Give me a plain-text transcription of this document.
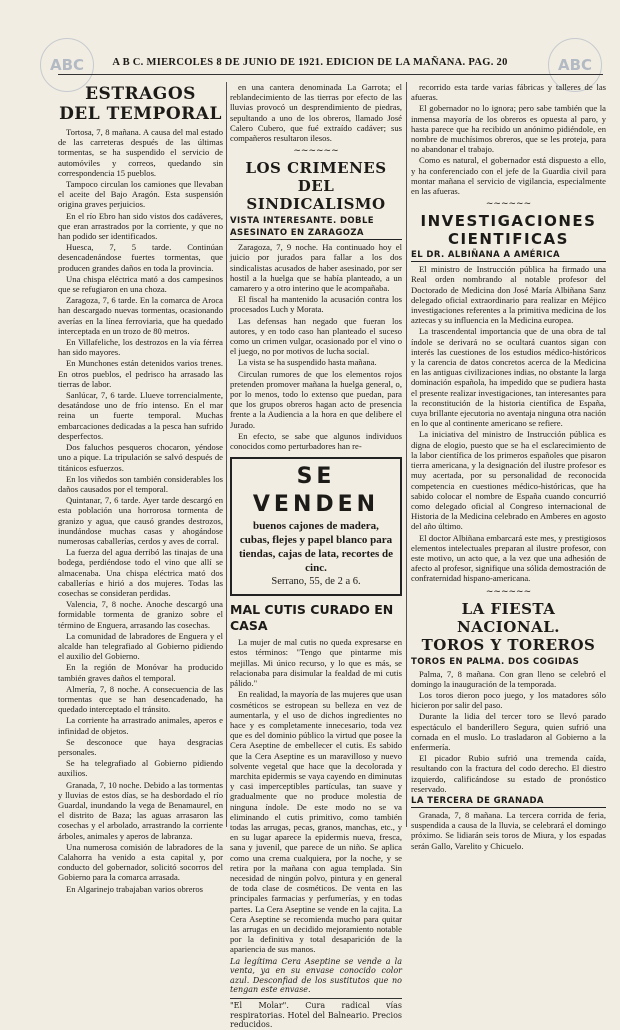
ABC	ABC
A B C. MIERCOLES 8 DE JUNIO DE 1921. EDICION DE LA MAÑANA. PAG. 20
ESTRAGOS
DEL TEMPORAL

Tortosa, 7, 8 mañana. A causa del mal estado de las carreteras después de las últimas tormentas, se ha suspendido el servicio de automóviles y correos, quedando sin correspondencia 15 pueblos.

Tampoco circulan los camiones que llevaban el aceite del Bajo Aragón. Esta suspensión origina graves perjuicios.

En el río Ebro han sido vistos dos cadáveres, que eran arrastrados por la corriente, y que no han podido ser identificados.

Huesca, 7, 5 tarde. Continúan desencadenándose fuertes tormentas, que producen grandes daños en toda la provincia.

Una chispa eléctrica mató a dos campesinos que se refugiaron en una choza.

Zaragoza, 7, 6 tarde. En la comarca de Aroca han descargado nuevas tormentas, ocasionando averías en la línea ferroviaria, que ha quedado interceptada en un trozo de 80 metros.

En Villafeliche, los destrozos en la vía férrea han sido mayores.

En Munchones están detenidos varios trenes. En otros pueblos, el pedrisco ha arrasado las tierras de labor.

Sanlúcar, 7, 6 tarde. Llueve torrencialmente, desatándose uno de frío intenso. En el mar reina un fuerte temporal. Muchas embarcaciones dedicadas a la pesca han sufrido desperfectos.

Dos faluchos pesqueros chocaron, yéndose uno a pique. La tripulación se salvó después de titánicos esfuerzos.

En los viñedos son también considerables los daños causados por el temporal.

Quintanar, 7, 6 tarde. Ayer tarde descargó en esta población una horrorosa tormenta de granizo y agua, que causó grandes destrozos, inundándose muchas casas y ahogándose numerosas caballerías, cerdos y aves de corral.

La fuerza del agua derribó las tinajas de una bodega, perdiéndose todo el vino que allí se almacenaba. Una chispa eléctrica mató dos caballerías e hirió a dos mujeres. Todas las cosechas se consideran perdidas.

Valencia, 7, 8 noche. Anoche descargó una formidable tormenta de granizo sobre el término de Enguera, arrasando las cosechas.

La comunidad de labradores de Enguera y el alcalde han telegrafiado al Gobierno pidiendo el auxilio del Gobierno.

En la región de Monóvar ha producido también graves daños el temporal.

Almería, 7, 8 noche. A consecuencia de las tormentas que se han desencadenado, ha quedado interceptado el tránsito.

La corriente ha arrastrado animales, aperos e infinidad de objetos.

Se desconoce que haya desgracias personales.

Se ha telegrafiado al Gobierno pidiendo auxilios.

Granada, 7, 10 noche. Debido a las tormentas y lluvias de estos días, se ha desbordado el río Guardal, inundando la vega de Benamaurel, en el distrito de Baza; las aguas arrasaron las cosechas y el arbolado, arrastrando la corriente árboles, animales y aperos de labranza.

Una numerosa comisión de labradores de la Calahorra ha venido a esta capital y, por conducto del gobernador, solicitó socorros del Gobierno para la comarca arrasada.

En Algarinejo trabajaban varios obreros

en una cantera denominada La Garrota; el reblandecimiento de las tierras por efecto de las lluvias provocó un desprendimiento de piedras, sepultando a uno de los obreros, llamado José Calero Cubero, que fué extraído cadáver; sus compañeros resultaron ilesos.

~~~~~~
LOS CRIMENES
DEL SINDICALISMO
VISTA INTERESANTE. DOBLE
ASESINATO EN ZARAGOZA

Zaragoza, 7, 9 noche. Ha continuado hoy el juicio por jurados para fallar a los dos sindicalistas acusados de haber asesinado, por ser hostil a la huelga que se había planteado, a un camarero y a otro interino que le acompañaba.

El fiscal ha mantenido la acusación contra los procesados Luch y Morata.

Las defensas han negado que fueran los autores, y en todo caso han planteado el suceso como un crimen vulgar, ocasionado por el vino o el juego, no por motivos de lucha social.

La vista se ha suspendido hasta mañana.

Circulan rumores de que los elementos rojos pretenden promover mañana la huelga general, o, por lo menos, todo lo extenso que puedan, para que los grupos obreros hagan acto de presencia frente a la Audiencia a la hora en que delibere el Jurado.

En efecto, se sabe que algunos individuos conocidos como perturbadores han re-

SE VENDEN
buenos cajones de madera, cubas, flejes y papel blanco para tiendas, cajas de lata, recortes de cinc.
Serrano, 55, de 2 a 6.
MAL CUTIS CURADO EN CASA

La mujer de mal cutis no queda expresarse en estos términos: "Tengo que pintarme mis mejillas. Mi único recurso, y lo que es más, se relacionaba para disimular la fealdad de mi cutis pálido."

En realidad, la mayoría de las mujeres que usan cosméticos se estropean su belleza en vez de aumentarla, y el uso de dichos ingredientes no hace y es completamente innecesario, toda vez que es del dominio público la virtud que posee la Cera Aseptine de embellecer el cutis. Es sabido que la Cera Aseptine es un maravilloso y nuevo solvente vegetal que hace que la decolorada y marchita epidermis se vaya cayendo en diminutas y casi imperceptibles partículas, tan suave y gradualmente que no produce molestia de ninguna índole. De este modo no se va eliminando el cutis primitivo, como también todas las arrugas, pecas, granos, manchas, etc., y en su lugar aparece la epidermis nueva, fresca, sana y juvenil, que parece de un niño. Se aplica como una crema cualquiera, por la noche, y se retira por la mañana con agua templada. Sin necesidad de ningún polvo, pintura y en general de toda clase de cosméticos. De venta en las principales farmacias y perfumerías, y en todas partes. La Cera Aseptine se vende en la cajita. La Cera Aseptine se recomienda mucho para quitar las arrugas en un decidido mejoramiento notable por la definitiva y total desaparición de la apariencia de sus manos.

La legítima Cera Aseptine se vende a la venta, ya en su envase conocido color azul. Desconfiad de los sustitutos que no tengan este envase.
"El Molar". Cura radical vías respiratorias. Hotel del Balneario. Precios reducidos.

recorrido esta tarde varias fábricas y talleres de las afueras.

El gobernador no lo ignora; pero sabe también que la inmensa mayoría de los obreros es opuesta al paro, y hasta parece que ha recibido un anónimo pidiéndole, en nombre de muchísimos obreros, que se les proteja, para no abandonar el trabajo.

Como es natural, el gobernador está dispuesto a ello, y ha conferenciado con el jefe de la Guardia civil para montar mañana el servicio de vigilancia, especialmente en las afueras.

~~~~~~
INVESTIGACIONES
CIENTIFICAS
EL DR. ALBIÑANA A AMÉRICA

El ministro de Instrucción pública ha firmado una Real orden nombrando al notable profesor del Doctorado de Medicina don José María Albiñana Sanz delegado oficial extraordinario para realizar en Méjico investigaciones referentes a la primitiva medicina de los aztecas y su influencia en la Medicina europea.

La trascendental importancia que de una obra de tal índole se derivará no se ocultará cuantos sigan con interés las cuestiones de los estudios médico-históricos y la carencia de datos concretos acerca de la Medicina en las antiguas civilizaciones indias, no obstante la larga dominación española, ha impedido que se pudiera hasta el presente realizar investigaciones, tan interesantes para la reconstitución de la historia científica de España, cuya brillante ejecutoria no aventaja ninguna otra nación en lo que al continente americano se refiere.

La iniciativa del ministro de Instrucción pública es digna de elogio, puesto que se ha el esclarecimiento de la labor científica de los primeros españoles que pisaron tierra americana, y la designación del ilustre profesor es muy acertada, por su personalidad de reconocida competencia en cuestiones médico-históricas, que ha sabido colocar el nombre de España cuando concurrió como delegado oficial al Congreso internacional de Historia de la Medicina celebrado en Amberes en agosto del año último.

El doctor Albiñana embarcará este mes, y prestigiosos elementos intelectuales preparan al ilustre profesor, con este motivo, un acto que, a la vez que una adhesión de afecto al profesor, signifique una sólida demostración de confraternidad hispano-americana.

~~~~~~
LA FIESTA NACIONAL.
TOROS Y TOREROS
TOROS EN PALMA. DOS COGIDAS

Palma, 7, 8 mañana. Con gran lleno se celebró el domingo la inauguración de la temporada.

Los toros dieron poco juego, y los matadores sólo hicieron por salir del paso.

Durante la lidia del tercer toro se llevó parado espectáculo el banderillero Segura, quien sufrió una cornada en el muslo. Lo trasladaron al Gobierno a la enfermería.

El picador Rubio sufrió una tremenda caída, resultando con la fractura del codo derecho. El diestro izquierdo, calificándose su estado de pronóstico reservado.

LA TERCERA DE GRANADA

Granada, 7, 8 mañana. La tercera corrida de feria, suspendida a causa de la lluvia, se celebrará el domingo próximo. Se lidiarán seis toros de Miura, y los espadas serán Gallo, Varelito y Chicuelo.
